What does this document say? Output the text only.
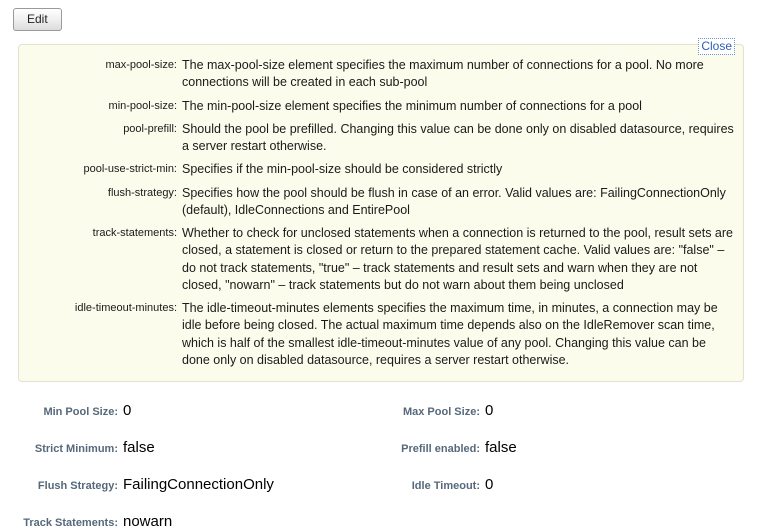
Edit
Close
max-pool-size: The max-pool-size element specifies the maximum number of connections for a pool. No more connections will be created in each sub-pool
min-pool-size: The min-pool-size element specifies the minimum number of connections for a pool
pool-prefill: Should the pool be prefilled. Changing this value can be done only on disabled datasource, requires a server restart otherwise.
pool-use-strict-min: Specifies if the min-pool-size should be considered strictly
flush-strategy: Specifies how the pool should be flush in case of an error. Valid values are: FailingConnectionOnly (default), IdleConnections and EntirePool
track-statements: Whether to check for unclosed statements when a connection is returned to the pool, result sets are closed, a statement is closed or return to the prepared statement cache. Valid values are: "false" – do not track statements, "true" – track statements and result sets and warn when they are not closed, "nowarn" – track statements but do not warn about them being unclosed
idle-timeout-minutes: The idle-timeout-minutes elements specifies the maximum time, in minutes, a connection may be idle before being closed. The actual maximum time depends also on the IdleRemover scan time, which is half of the smallest idle-timeout-minutes value of any pool. Changing this value can be done only on disabled datasource, requires a server restart otherwise.
Min Pool Size: 0	Max Pool Size: 0
Strict Minimum: false	Prefill enabled: false
Flush Strategy: FailingConnectionOnly	Idle Timeout: 0
Track Statements: nowarn
